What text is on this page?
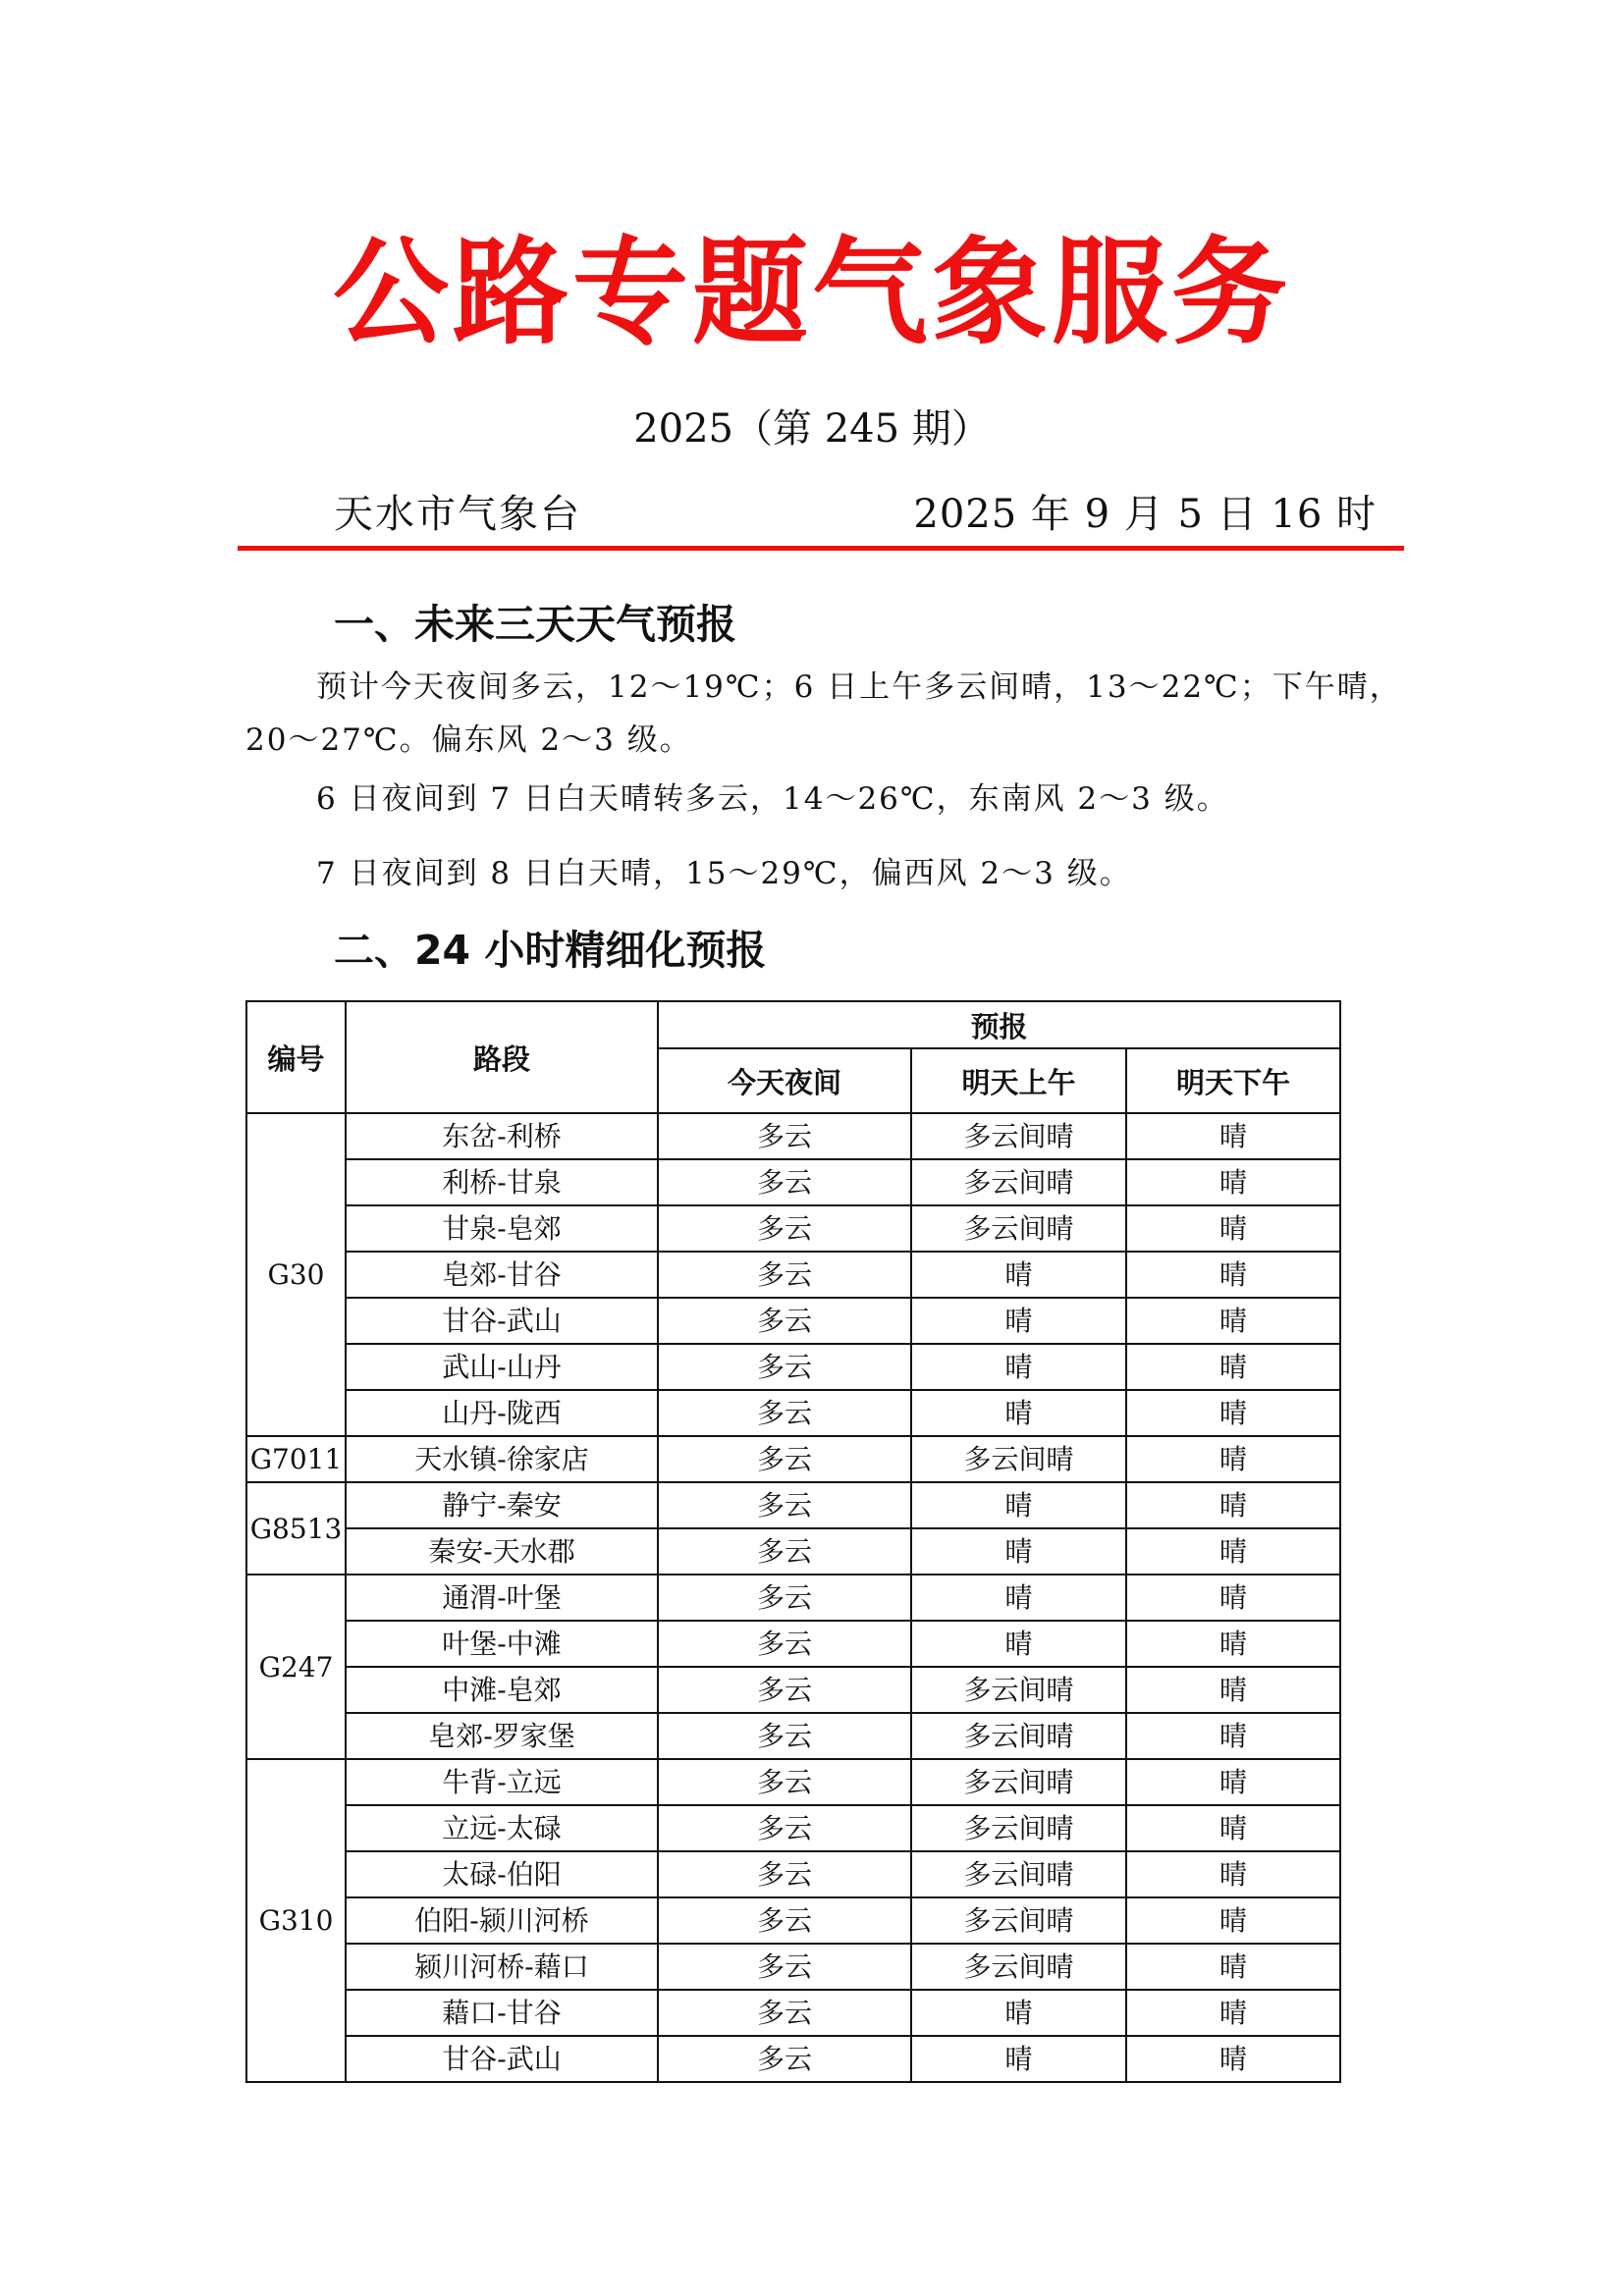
公路专题气象服务
2025（第 245 期）
天水市气象台	2025 年 9 月 5 日 16 时
一、未来三天天气预报
预计今天夜间多云，12～19℃；6 日上午多云间晴，13～22℃；下午晴，
20～27℃。偏东风 2～3 级。
6 日夜间到 7 日白天晴转多云，14～26℃，东南风 2～3 级。
7 日夜间到 8 日白天晴，15～29℃，偏西风 2～3 级。
二、24 小时精细化预报
编号	路段	预报		
		今天夜间	明天上午	明天下午
G30	东岔-利桥	多云	多云间晴	晴
	利桥-甘泉	多云	多云间晴	晴
	甘泉-皂郊	多云	多云间晴	晴
	皂郊-甘谷	多云	晴	晴
	甘谷-武山	多云	晴	晴
	武山-山丹	多云	晴	晴
	山丹-陇西	多云	晴	晴
G7011	天水镇-徐家店	多云	多云间晴	晴
G8513	静宁-秦安	多云	晴	晴
	秦安-天水郡	多云	晴	晴
G247	通渭-叶堡	多云	晴	晴
	叶堡-中滩	多云	晴	晴
	中滩-皂郊	多云	多云间晴	晴
	皂郊-罗家堡	多云	多云间晴	晴
G310	牛背-立远	多云	多云间晴	晴
	立远-太碌	多云	多云间晴	晴
	太碌-伯阳	多云	多云间晴	晴
	伯阳-颍川河桥	多云	多云间晴	晴
	颍川河桥-藉口	多云	多云间晴	晴
	藉口-甘谷	多云	晴	晴
	甘谷-武山	多云	晴	晴
